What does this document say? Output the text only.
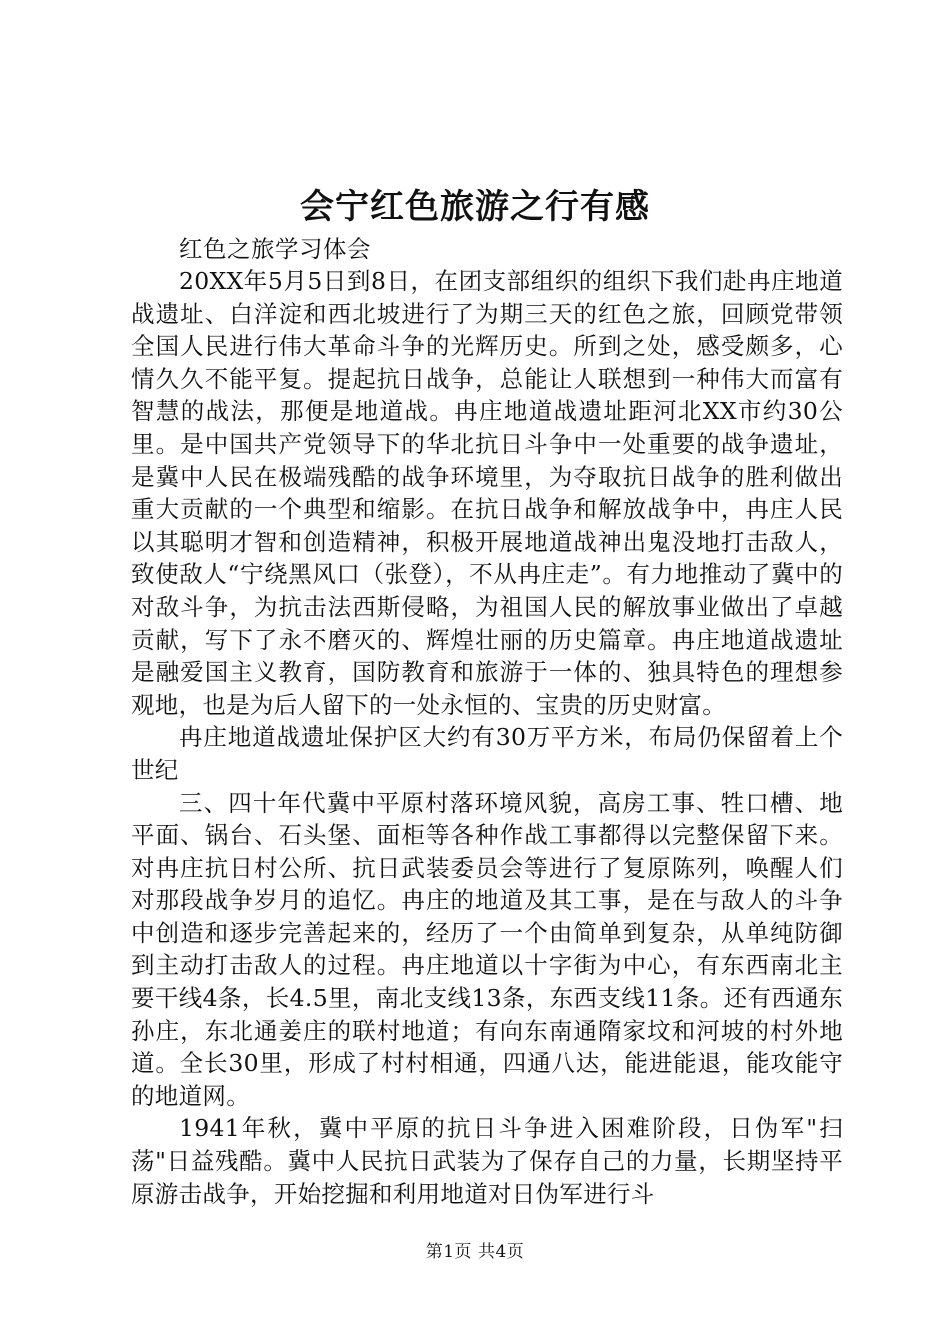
会宁红色旅游之行有感

红色之旅学习体会

20XX年5月5日到8日，在团支部组织的组织下我们赴冉庄地道战遗址、白洋淀和西北坡进行了为期三天的红色之旅，回顾党带领全国人民进行伟大革命斗争的光辉历史。所到之处，感受颇多，心情久久不能平复。提起抗日战争，总能让人联想到一种伟大而富有智慧的战法，那便是地道战。冉庄地道战遗址距河北XX市约30公里。是中国共产党领导下的华北抗日斗争中一处重要的战争遗址，是冀中人民在极端残酷的战争环境里，为夺取抗日战争的胜利做出重大贡献的一个典型和缩影。在抗日战争和解放战争中，冉庄人民以其聪明才智和创造精神，积极开展地道战神出鬼没地打击敌人，致使敌人“宁绕黑风口（张登），不从冉庄走”。有力地推动了冀中的对敌斗争，为抗击法西斯侵略，为祖国人民的解放事业做出了卓越贡献，写下了永不磨灭的、辉煌壮丽的历史篇章。冉庄地道战遗址是融爱国主义教育，国防教育和旅游于一体的、独具特色的理想参观地，也是为后人留下的一处永恒的、宝贵的历史财富。

冉庄地道战遗址保护区大约有30万平方米，布局仍保留着上个世纪

三、四十年代冀中平原村落环境风貌，高房工事、牲口槽、地平面、锅台、石头堡、面柜等各种作战工事都得以完整保留下来。对冉庄抗日村公所、抗日武装委员会等进行了复原陈列，唤醒人们对那段战争岁月的追忆。冉庄的地道及其工事，是在与敌人的斗争中创造和逐步完善起来的，经历了一个由简单到复杂，从单纯防御到主动打击敌人的过程。冉庄地道以十字街为中心，有东西南北主要干线4条，长4.5里，南北支线13条，东西支线11条。还有西通东孙庄，东北通姜庄的联村地道；有向东南通隋家坟和河坡的村外地道。全长30里，形成了村村相通，四通八达，能进能退，能攻能守的地道网。

1941年秋，冀中平原的抗日斗争进入困难阶段，日伪军"扫荡"日益残酷。冀中人民抗日武装为了保存自己的力量，长期坚持平原游击战争，开始挖掘和利用地道对日伪军进行斗

第1页 共4页
